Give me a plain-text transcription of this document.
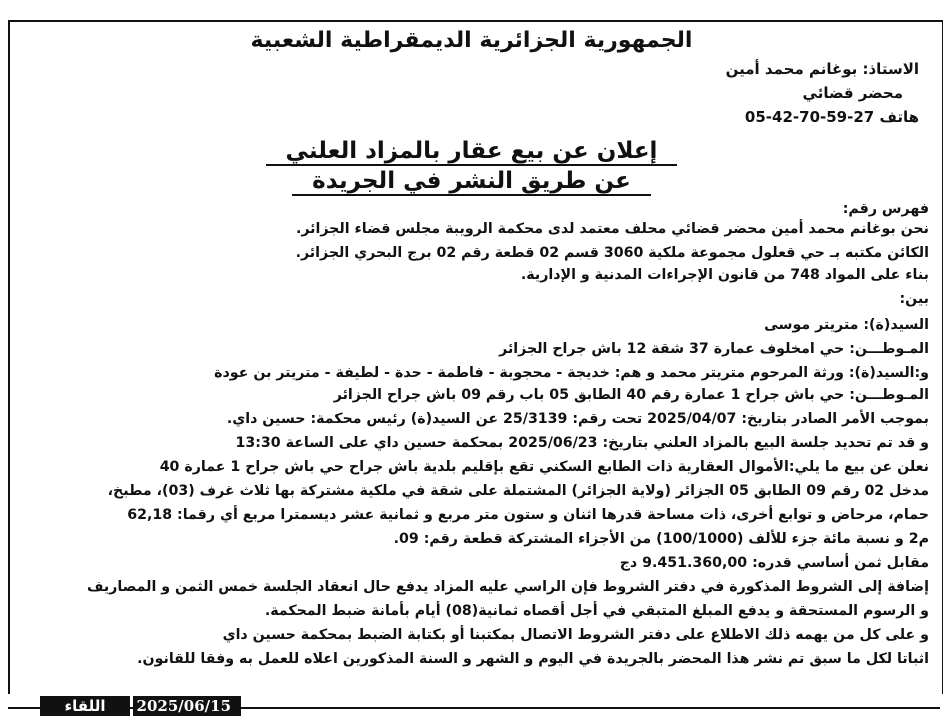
الجمهورية الجزائرية الديمقراطية الشعبية
الاستاذ: بوغانم محمد أمين
محضر قضائي
هاتف 27-59-70-42-05
إعلان عن بيع عقار بالمزاد العلني
عن طريق النشر في الجريدة
فهرس رقم:
نحن بوغانم محمد أمين محضر قضائي محلف معتمد لدى محكمة الرويبة مجلس قضاء الجزائر.
الكائن مكتبه بـ حي قعلول مجموعة ملكية 3060 قسم 02 قطعة رقم 02 برج البحري الجزائر.
بناء على المواد 748 من قانون الإجراءات المدنية و الإدارية.
بين:
السيد(ة): متريتر موسى
المـوطـــن: حي امخلوف عمارة 37 شقة 12 باش جراح الجزائر
و:السيد(ة): ورثة المرحوم متريتر محمد و هم: خديجة - محجوبة - فاطمة - حدة - لطيفة - متريتر بن عودة
المـوطـــن: حي باش جراح 1 عمارة رقم 40 الطابق 05 باب رقم 09 باش جراح الجزائر
بموجب الأمر الصادر بتاريخ: 2025/04/07 تحت رقم: 25/3139 عن السيد(ة) رئيس محكمة: حسين داي.
و قد تم تحديد جلسة البيع بالمزاد العلني بتاريخ: 2025/06/23 بمحكمة حسين داي على الساعة 13:30
نعلن عن بيع ما يلي:الأموال العقارية ذات الطابع السكني تقع بإقليم بلدية باش جراح حي باش جراح 1 عمارة 40
مدخل 02 رقم 09 الطابق 05 الجزائر (ولاية الجزائر) المشتملة على شقة في ملكية مشتركة بها ثلاث غرف (03)، مطبخ،
حمام، مرحاض و توابع أخرى، ذات مساحة قدرها اثنان و ستون متر مربع و ثمانية عشر ديسمترا مربع أي رقما: 62,18
م2 و نسبة مائة جزء للألف (100/1000) من الأجزاء المشتركة قطعة رقم: 09.
مقابل ثمن أساسي قدره: 9.451.360,00 دج
إضافة إلى الشروط المذكورة في دفتر الشروط فإن الراسي عليه المزاد يدفع حال انعقاد الجلسة خمس الثمن و المصاريف
و الرسوم المستحقة و يدفع المبلغ المتبقي في أجل أقصاه ثمانية(08) أيام بأمانة ضبط المحكمة.
و على كل من يهمه ذلك الاطلاع على دفتر الشروط الاتصال بمكتبنا أو بكتابة الضبط بمحكمة حسين داي
اثباتا لكل ما سبق تم نشر هذا المحضر بالجريدة في اليوم و الشهر و السنة المذكورين اعلاه للعمل به وفقا للقانون.
اللقاء	2025/06/15
